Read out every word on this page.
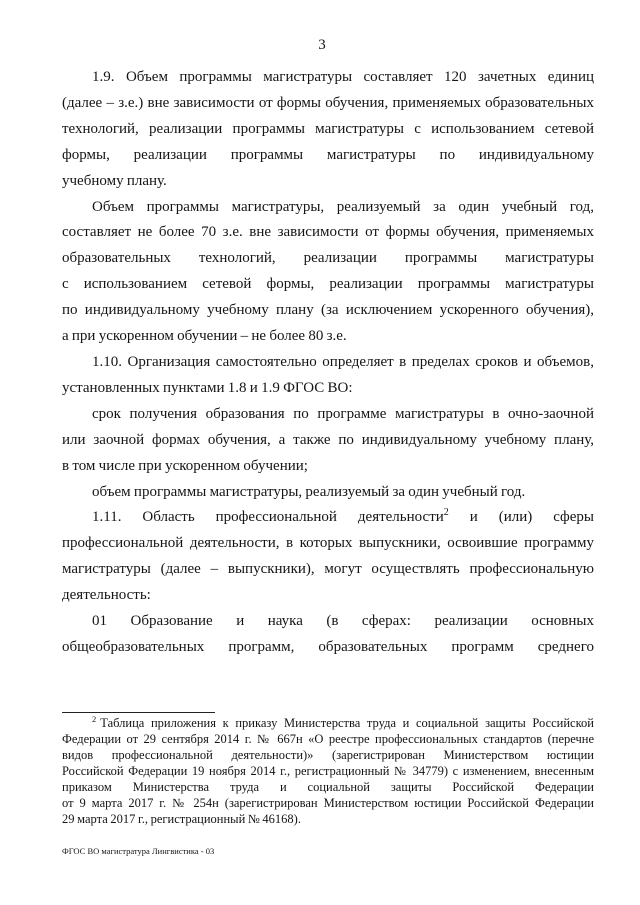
3
1.9. Объем программы магистратуры составляет 120 зачетных единиц
(далее – з.е.) вне зависимости от формы обучения, применяемых образовательных
технологий, реализации программы магистратуры с использованием сетевой
формы, реализации программы магистратуры по индивидуальному
учебному плану.
Объем программы магистратуры, реализуемый за один учебный год,
составляет не более 70 з.е. вне зависимости от формы обучения, применяемых
образовательных технологий, реализации программы магистратуры
с использованием сетевой формы, реализации программы магистратуры
по индивидуальному учебному плану (за исключением ускоренного обучения),
а при ускоренном обучении – не более 80 з.е.
1.10. Организация самостоятельно определяет в пределах сроков и объемов,
установленных пунктами 1.8 и 1.9 ФГОС ВО:
срок получения образования по программе магистратуры в очно-заочной
или заочной формах обучения, а также по индивидуальному учебному плану,
в том числе при ускоренном обучении;
объем программы магистратуры, реализуемый за один учебный год.
1.11. Область профессиональной деятельности$^2$ и (или) сферы
профессиональной деятельности, в которых выпускники, освоившие программу
магистратуры (далее – выпускники), могут осуществлять профессиональную
деятельность:
01 Образование и наука (в сферах: реализации основных
общеобразовательных программ, образовательных программ среднего
$^2$ Таблица приложения к приказу Министерства труда и социальной защиты Российской
Федерации от 29 сентября 2014 г. № 667н «О реестре профессиональных стандартов (перечне
видов профессиональной деятельности)» (зарегистрирован Министерством юстиции
Российской Федерации 19 ноября 2014 г., регистрационный № 34779) с изменением, внесенным
приказом Министерства труда и социальной защиты Российской Федерации
от 9 марта 2017 г. № 254н (зарегистрирован Министерством юстиции Российской Федерации
29 марта 2017 г., регистрационный № 46168).
ФГОС ВО магистратура Лингвистика - 03
